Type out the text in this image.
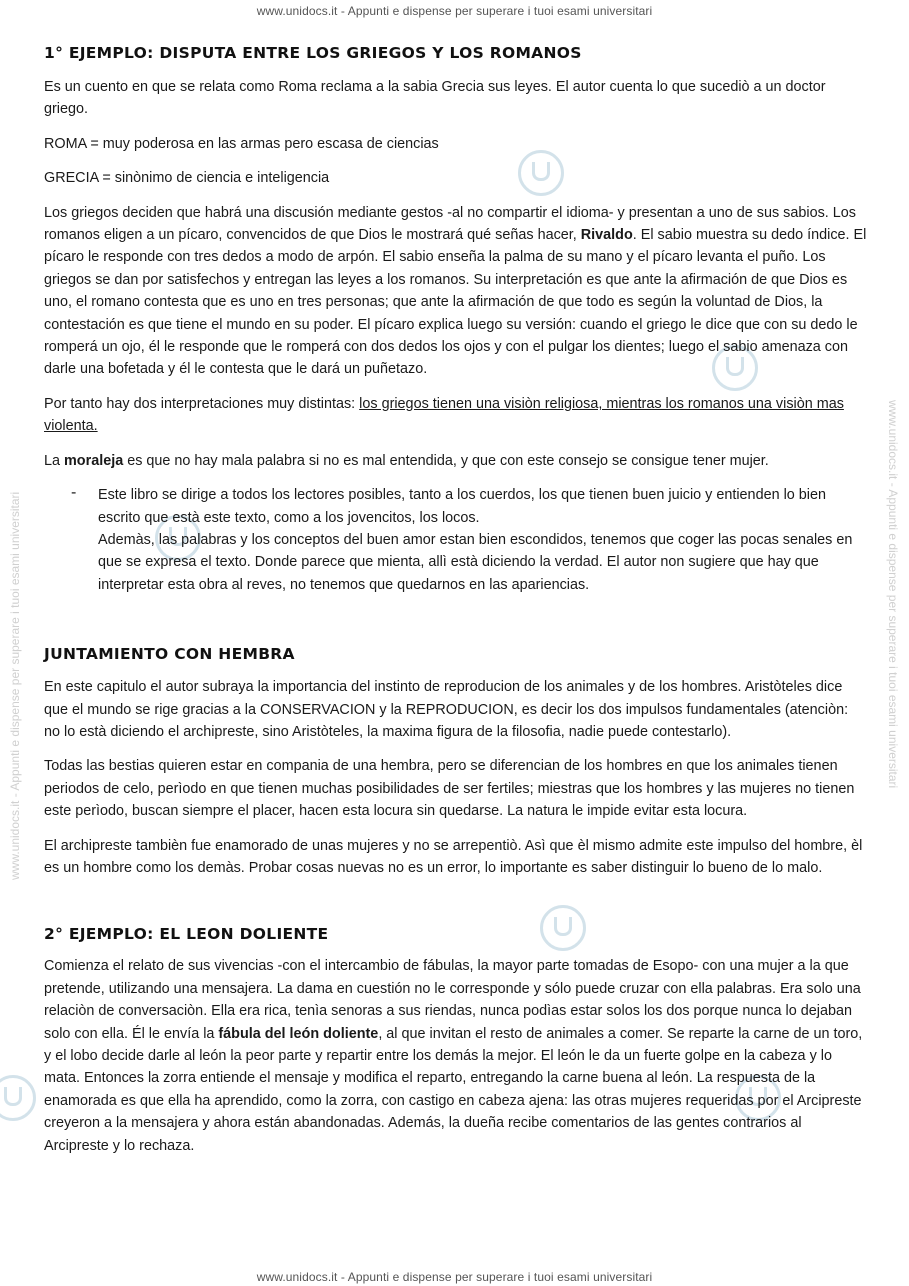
www.unidocs.it - Appunti e dispense per superare i tuoi esami universitari
www.unidocs.it - Appunti e dispense per superare i tuoi esami universitari
www.unidocs.it - Appunti e dispense per superare i tuoi esami universitari	www.unidocs.it - Appunti e dispense per superare i tuoi esami universitari
1° EJEMPLO: DISPUTA ENTRE LOS GRIEGOS Y LOS ROMANOS

Es un cuento en que se relata como Roma reclama a la sabia Grecia sus leyes. El autor cuenta lo que sucediò a un doctor griego.

ROMA = muy poderosa en las armas pero escasa de ciencias

GRECIA = sinònimo de ciencia e inteligencia

Los griegos deciden que habrá una discusión mediante gestos -al no compartir el idioma- y presentan a uno de sus sabios. Los romanos eligen a un pícaro, convencidos de que Dios le mostrará qué señas hacer, Rivaldo. El sabio muestra su dedo índice. El pícaro le responde con tres dedos a modo de arpón. El sabio enseña la palma de su mano y el pícaro levanta el puño. Los griegos se dan por satisfechos y entregan las leyes a los romanos. Su interpretación es que ante la afirmación de que Dios es uno, el romano contesta que es uno en tres personas; que ante la afirmación de que todo es según la voluntad de Dios, la contestación es que tiene el mundo en su poder. El pícaro explica luego su versión: cuando el griego le dice que con su dedo le romperá un ojo, él le responde que le romperá con dos dedos los ojos y con el pulgar los dientes; luego el sabio amenaza con darle una bofetada y él le contesta que le dará un puñetazo.

Por tanto hay dos interpretaciones muy distintas: los griegos tienen una visiòn religiosa, mientras los romanos una visiòn mas violenta.

La moraleja es que no hay mala palabra si no es mal entendida, y que con este consejo se consigue tener mujer.

- Este libro se dirige a todos los lectores posibles, tanto a los cuerdos, los que tienen buen juicio y entienden lo bien escrito que està este texto, como a los jovencitos, los locos.

Ademàs, las palabras y los conceptos del buen amor estan bien escondidos, tenemos que coger las pocas senales en que se expresa el texto. Donde parece que mienta, allì està diciendo la verdad. El autor non sugiere que hay que interpretar esta obra al reves, no tenemos que quedarnos en las apariencias.

JUNTAMIENTO CON HEMBRA

En este capitulo el autor subraya la importancia del instinto de reproducion de los animales y de los hombres. Aristòteles dice que el mundo se rige gracias a la CONSERVACION y la REPRODUCION, es decir los dos impulsos fundamentales (atenciòn: no lo està diciendo el archipreste, sino Aristòteles, la maxima figura de la filosofia, nadie puede contestarlo).

Todas las bestias quieren estar en compania de una hembra, pero se diferencian de los hombres en que los animales tienen periodos de celo, perìodo en que tienen muchas posibilidades de ser fertiles; miestras que los hombres y las mujeres no tienen este perìodo, buscan siempre el placer, hacen esta locura sin quedarse. La natura le impide evitar esta locura.

El archipreste tambièn fue enamorado de unas mujeres y no se arrepentiò. Asì que èl mismo admite este impulso del hombre, èl es un hombre como los demàs. Probar cosas nuevas no es un error, lo importante es saber distinguir lo bueno de lo malo.

2° EJEMPLO: EL LEON DOLIENTE

Comienza el relato de sus vivencias -con el intercambio de fábulas, la mayor parte tomadas de Esopo- con una mujer a la que pretende, utilizando una mensajera. La dama en cuestión no le corresponde y sólo puede cruzar con ella palabras. Era solo una relaciòn de conversaciòn. Ella era rica, tenìa senoras a sus riendas, nunca podìas estar solos los dos porque nunca lo dejaban solo con ella. Él le envía la fábula del león doliente, al que invitan el resto de animales a comer. Se reparte la carne de un toro, y el lobo decide darle al león la peor parte y repartir entre los demás la mejor. El león le da un fuerte golpe en la cabeza y lo mata. Entonces la zorra entiende el mensaje y modifica el reparto, entregando la carne buena al león. La respuesta de la enamorada es que ella ha aprendido, como la zorra, con castigo en cabeza ajena: las otras mujeres requeridas por el Arcipreste creyeron a la mensajera y ahora están abandonadas. Además, la dueña recibe comentarios de las gentes contrarios al Arcipreste y lo rechaza.
